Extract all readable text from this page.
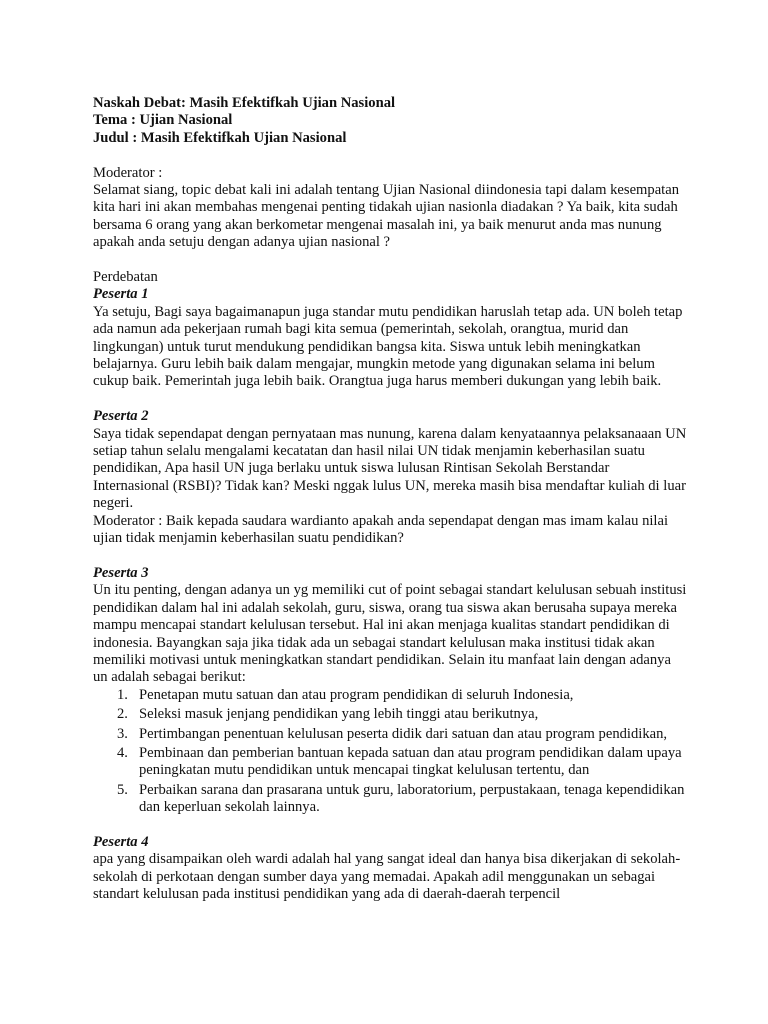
Naskah Debat: Masih Efektifkah Ujian Nasional

Tema : Ujian Nasional

Judul : Masih Efektifkah Ujian Nasional

Moderator :

Selamat siang, topic debat kali ini adalah tentang Ujian Nasional diindonesia tapi dalam kesempatan kita hari ini akan membahas mengenai penting tidakah ujian nasionla diadakan ? Ya baik, kita sudah bersama 6 orang yang akan berkometar mengenai masalah ini, ya baik menurut anda mas nunung apakah anda setuju dengan adanya ujian nasional ?

Perdebatan

Peserta 1

Ya setuju, Bagi saya bagaimanapun juga standar mutu pendidikan haruslah tetap ada. UN boleh tetap ada namun ada pekerjaan rumah bagi kita semua (pemerintah, sekolah, orangtua, murid dan lingkungan) untuk turut mendukung pendidikan bangsa kita. Siswa untuk lebih meningkatkan belajarnya. Guru lebih baik dalam mengajar, mungkin metode yang digunakan selama ini belum cukup baik. Pemerintah juga lebih baik. Orangtua juga harus memberi dukungan yang lebih baik.

Peserta 2

Saya tidak sependapat dengan pernyataan mas nunung, karena dalam kenyataannya pelaksanaaan UN setiap tahun selalu mengalami kecatatan dan hasil nilai UN tidak menjamin keberhasilan suatu pendidikan, Apa hasil UN juga berlaku untuk siswa lulusan Rintisan Sekolah Berstandar Internasional (RSBI)? Tidak kan? Meski nggak lulus UN, mereka masih bisa mendaftar kuliah di luar negeri.

Moderator : Baik kepada saudara wardianto apakah anda sependapat dengan mas imam kalau nilai ujian tidak menjamin keberhasilan suatu pendidikan?

Peserta 3

Un itu penting, dengan adanya un yg memiliki cut of point sebagai standart kelulusan sebuah institusi pendidikan dalam hal ini adalah sekolah, guru, siswa, orang tua siswa akan berusaha supaya mereka mampu mencapai standart kelulusan tersebut. Hal ini akan menjaga kualitas standart pendidikan di indonesia. Bayangkan saja jika tidak ada un sebagai standart kelulusan maka institusi tidak akan memiliki motivasi untuk meningkatkan standart pendidikan. Selain itu manfaat lain dengan adanya un adalah sebagai berikut:

1. Penetapan mutu satuan dan atau program pendidikan di seluruh Indonesia,
2. Seleksi masuk jenjang pendidikan yang lebih tinggi atau berikutnya,
3. Pertimbangan penentuan kelulusan peserta didik dari satuan dan atau program pendidikan,
4. Pembinaan dan pemberian bantuan kepada satuan dan atau program pendidikan dalam upaya peningkatan mutu pendidikan untuk mencapai tingkat kelulusan tertentu, dan
5. Perbaikan sarana dan prasarana untuk guru, laboratorium, perpustakaan, tenaga kependidikan dan keperluan sekolah lainnya.

Peserta 4

apa yang disampaikan oleh wardi adalah hal yang sangat ideal dan hanya bisa dikerjakan di sekolah-sekolah di perkotaan dengan sumber daya yang memadai. Apakah adil menggunakan un sebagai standart kelulusan pada institusi pendidikan yang ada di daerah-daerah terpencil
